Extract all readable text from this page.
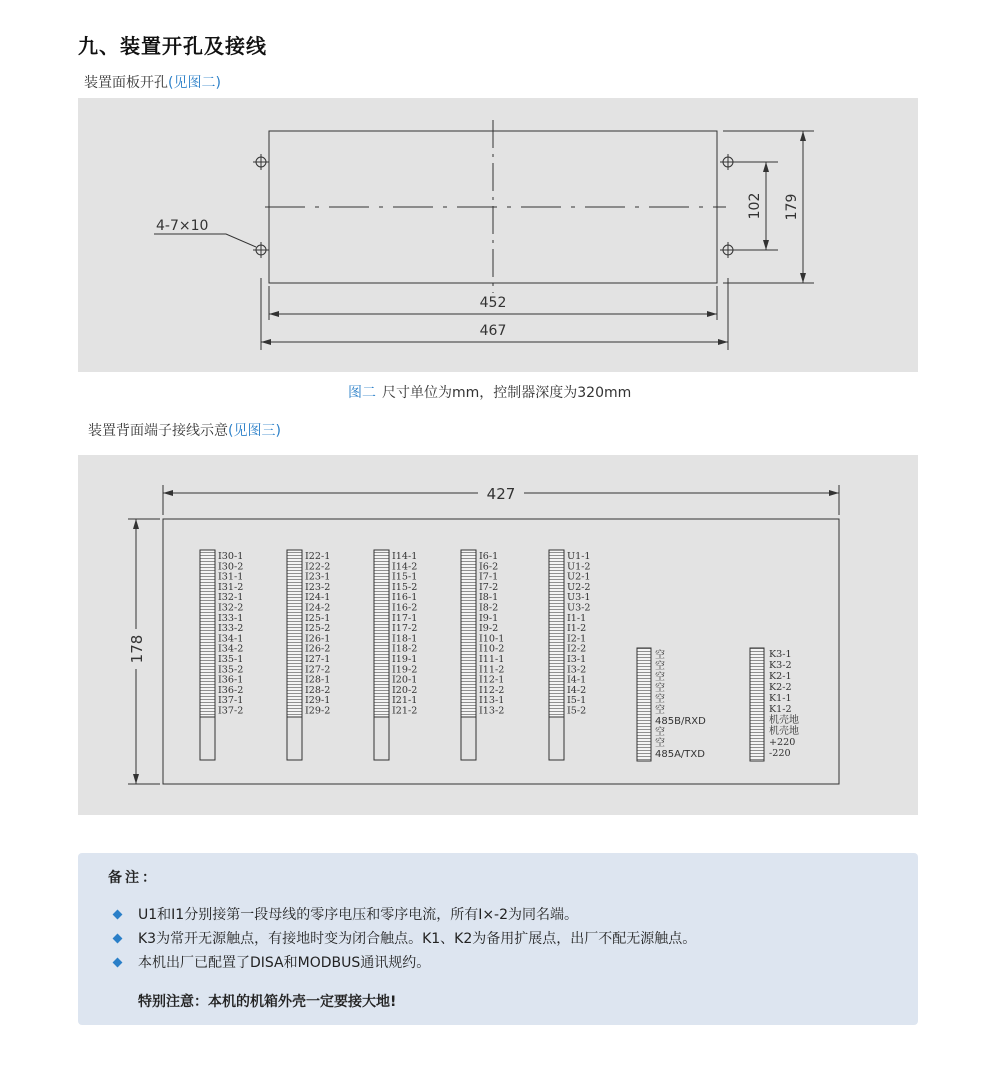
九、装置开孔及接线
装置面板开孔(见图二)
4-7×10
452
467
102 179
图二 尺寸单位为mm，控制器深度为320mm
装置背面端子接线示意(见图三)
427
178
I30-1
I30-2
I31-1
I31-2
I32-1
I32-2
I33-1
I33-2
I34-1
I34-2
I35-1
I35-2
I36-1
I36-2
I37-1
I37-2
I22-1
I22-2
I23-1
I23-2
I24-1
I24-2
I25-1
I25-2
I26-1
I26-2
I27-1
I27-2
I28-1
I28-2
I29-1
I29-2
I14-1
I14-2
I15-1
I15-2
I16-1
I16-2
I17-1
I17-2
I18-1
I18-2
I19-1
I19-2
I20-1
I20-2
I21-1
I21-2
I6-1
I6-2
I7-1
I7-2
I8-1
I8-2
I9-1
I9-2
I10-1
I10-2
I11-1
I11-2
I12-1
I12-2
I13-1
I13-2
U1-1
U1-2
U2-1
U2-2
U3-1
U3-2
I1-1
I1-2
I2-1
I2-2
I3-1
I3-2
I4-1
I4-2
I5-1
I5-2
空
空
空
空
空
空
485B/RXD
空
空
485A/TXD
K3-1
K3-2
K2-1
K2-2
K1-1
K1-2
机壳地
机壳地
+220
-220
备注：
U1和I1分别接第一段母线的零序电压和零序电流，所有I×-2为同名端。
K3为常开无源触点，有接地时变为闭合触点。K1、K2为备用扩展点，出厂不配无源触点。
本机出厂已配置了DISA和MODBUS通讯规约。
特别注意：本机的机箱外壳一定要接大地!
